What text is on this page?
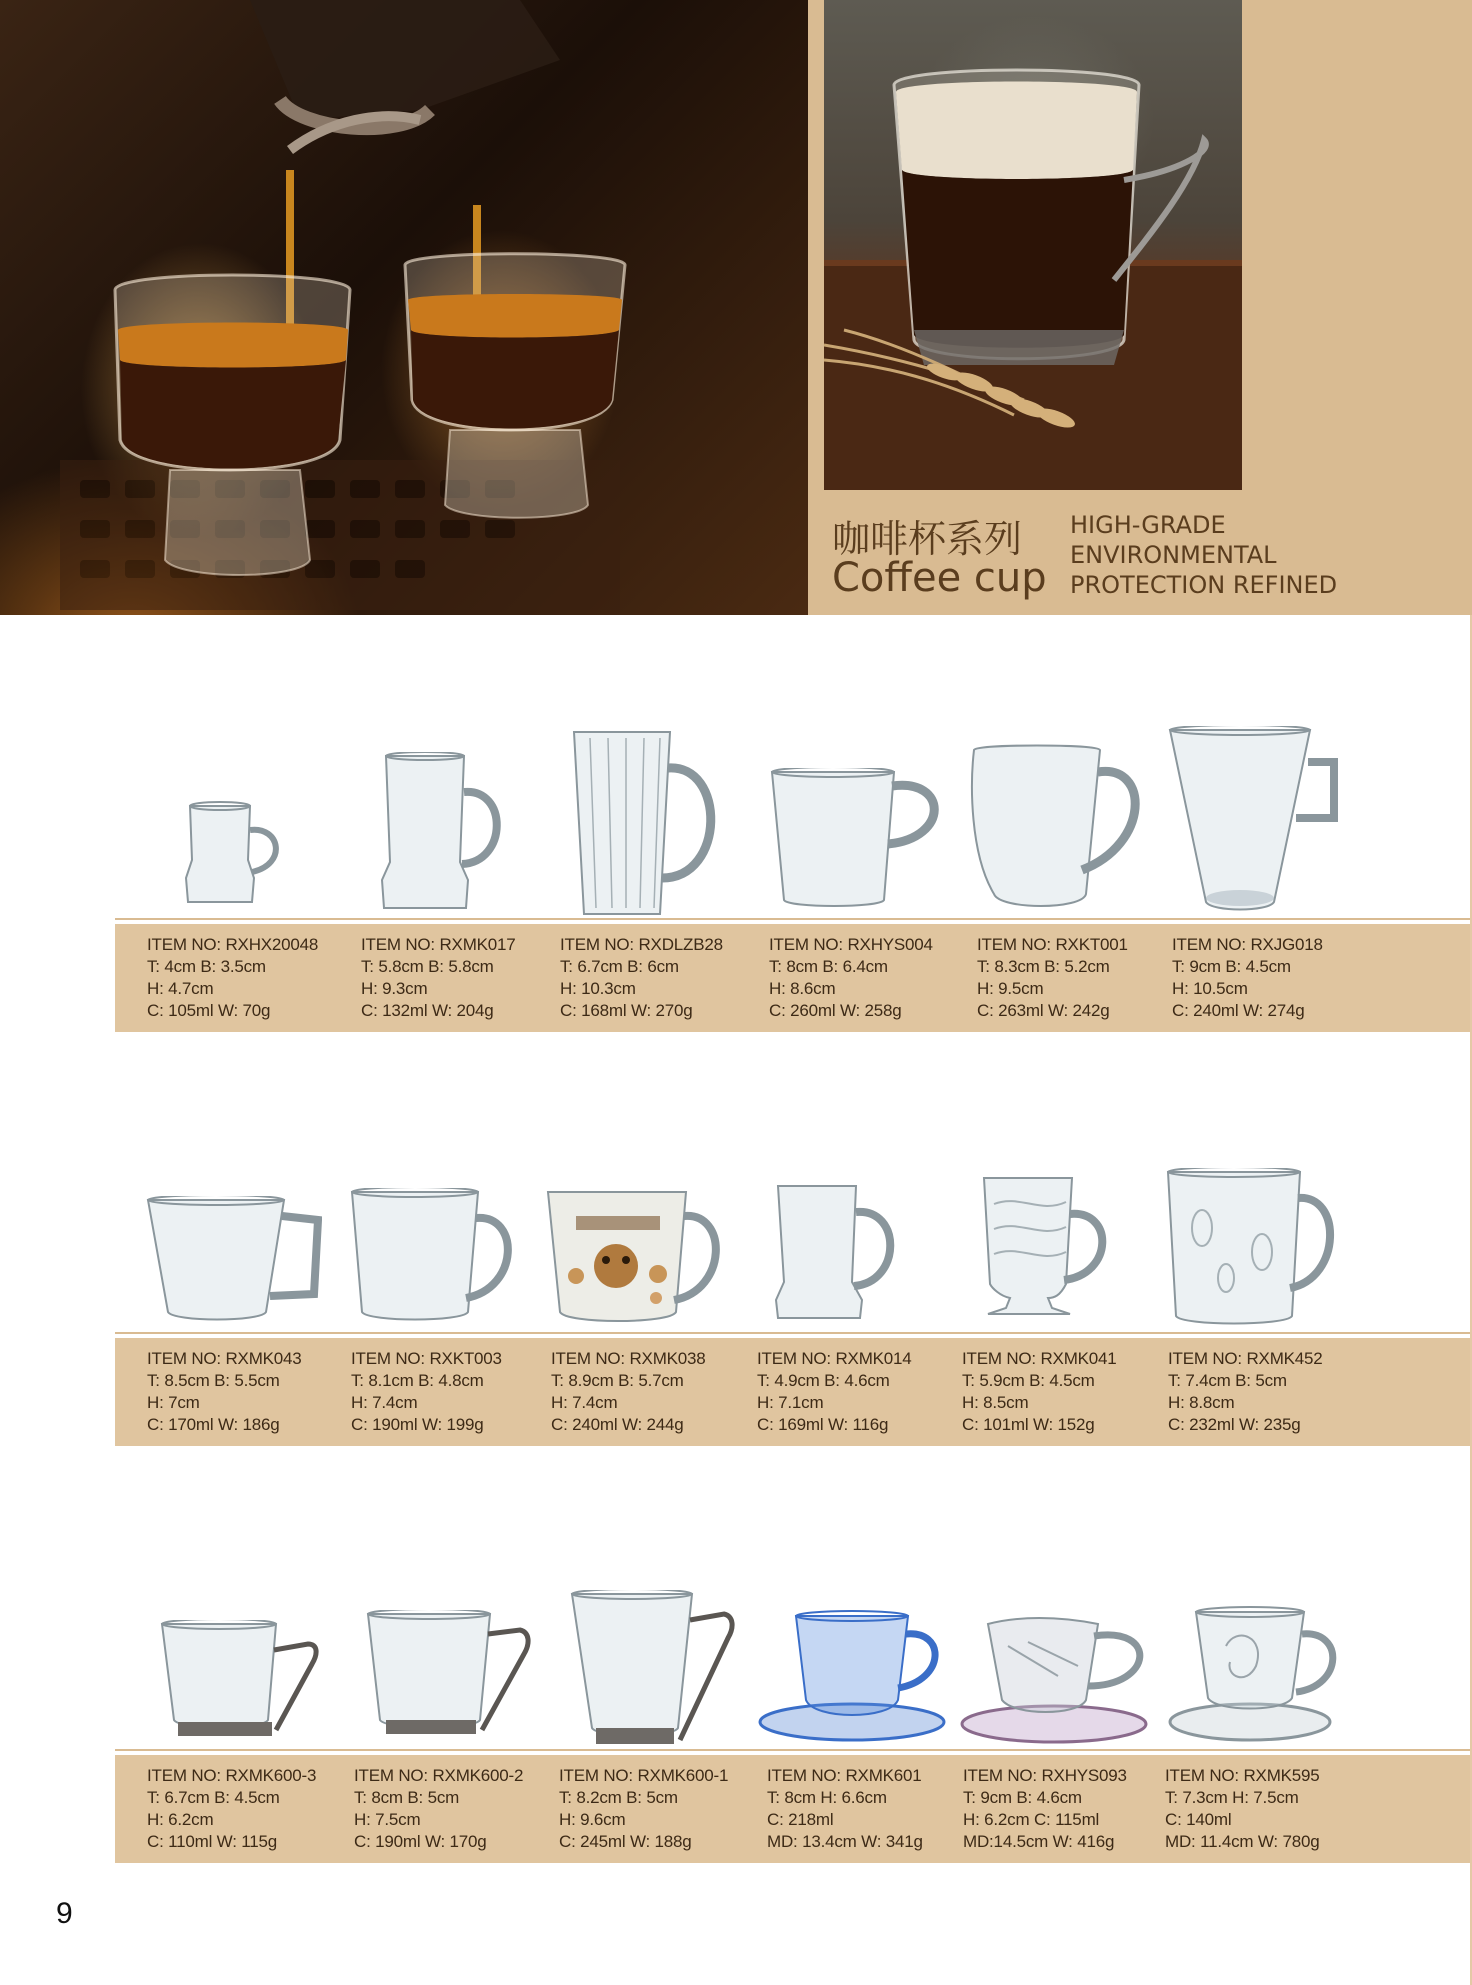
咖啡杯系列
Coffee cup
HIGH-GRADE
ENVIRONMENTAL
PROTECTION REFINED
ITEM NO: RXHX20048
T: 4cm B: 3.5cm
H: 4.7cm
C: 105ml W: 70g
ITEM NO: RXMK017
T: 5.8cm B: 5.8cm
H: 9.3cm
C: 132ml W: 204g
ITEM NO: RXDLZB28
T: 6.7cm B: 6cm
H: 10.3cm
C: 168ml W: 270g
ITEM NO: RXHYS004
T: 8cm B: 6.4cm
H: 8.6cm
C: 260ml W: 258g
ITEM NO: RXKT001
T: 8.3cm B: 5.2cm
H: 9.5cm
C: 263ml W: 242g
ITEM NO: RXJG018
T: 9cm B: 4.5cm
H: 10.5cm
C: 240ml W: 274g
ITEM NO: RXMK043
T: 8.5cm B: 5.5cm
H: 7cm
C: 170ml W: 186g
ITEM NO: RXKT003
T: 8.1cm B: 4.8cm
H: 7.4cm
C: 190ml W: 199g
ITEM NO: RXMK038
T: 8.9cm B: 5.7cm
H: 7.4cm
C: 240ml W: 244g
ITEM NO: RXMK014
T: 4.9cm B: 4.6cm
H: 7.1cm
C: 169ml W: 116g
ITEM NO: RXMK041
T: 5.9cm B: 4.5cm
H: 8.5cm
C: 101ml W: 152g
ITEM NO: RXMK452
T: 7.4cm B: 5cm
H: 8.8cm
C: 232ml W: 235g
ITEM NO: RXMK600-3
T: 6.7cm B: 4.5cm
H: 6.2cm
C: 110ml W: 115g
ITEM NO: RXMK600-2
T: 8cm B: 5cm
H: 7.5cm
C: 190ml W: 170g
ITEM NO: RXMK600-1
T: 8.2cm B: 5cm
H: 9.6cm
C: 245ml W: 188g
ITEM NO: RXMK601
T: 8cm H: 6.6cm
C: 218ml
MD: 13.4cm W: 341g
ITEM NO: RXHYS093
T: 9cm B: 4.6cm
H: 6.2cm C: 115ml
MD:14.5cm W: 416g
ITEM NO: RXMK595
T: 7.3cm H: 7.5cm
C: 140ml
MD: 11.4cm W: 780g
9
